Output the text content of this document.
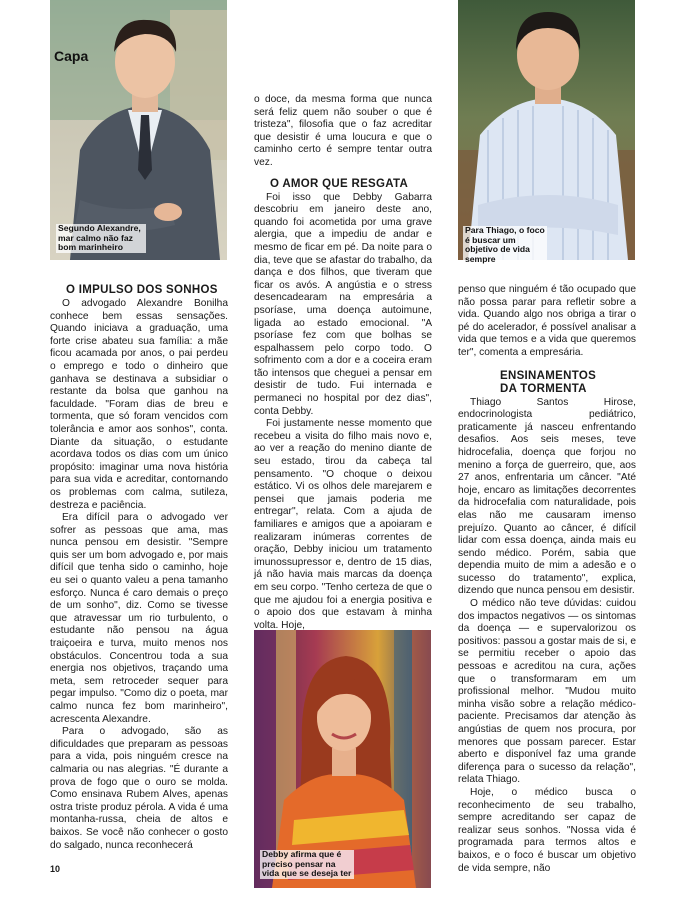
Capa
Segundo Alexandre, mar calmo não faz bom marinheiro
Para Thiago, o foco é buscar um objetivo de vida sempre
Debby afirma que é preciso pensar na vida que se deseja ter
O IMPULSO DOS SONHOS

O advogado Alexandre Bonilha conhece bem essas sensações. Quando iniciava a graduação, uma forte crise abateu sua família: a mãe ficou acamada por anos, o pai perdeu o emprego e todo o dinheiro que ganhava se destinava a subsidiar o restante da bolsa que ganhou na faculdade. "Foram dias de breu e tormenta, que só foram vencidos com tolerância e amor aos sonhos", conta. Diante da situação, o estudante acordava todos os dias com um único propósito: imaginar uma nova história para sua vida e acreditar, contornando os problemas com calma, sutileza, destreza e paciência.

Era difícil para o advogado ver sofrer as pessoas que ama, mas nunca pensou em desistir. "Sempre quis ser um bom advogado e, por mais difícil que tenha sido o caminho, hoje eu sei o quanto valeu a pena tamanho esforço. Nunca é caro demais o preço de um sonho", diz. Como se tivesse que atravessar um rio turbulento, o estudante não pensou na água traiçoeira e turva, muito menos nos obstáculos. Concentrou toda a sua energia nos objetivos, traçando uma meta, sem retroceder sequer para pegar impulso. "Como diz o poeta, mar calmo nunca fez bom marinheiro", acrescenta Alexandre.

Para o advogado, são as dificuldades que preparam as pessoas para a vida, pois ninguém cresce na calmaria ou nas alegrias. "É durante a prova de fogo que o ouro se molda. Como ensinava Rubem Alves, apenas ostra triste produz pérola. A vida é uma montanha-russa, cheia de altos e baixos. Se você não conhecer o gosto do salgado, nunca reconhecerá

o doce, da mesma forma que nunca será feliz quem não souber o que é tristeza", filosofia que o faz acreditar que desistir é uma loucura e que o caminho certo é sempre tentar outra vez.

O AMOR QUE RESGATA

Foi isso que Debby Gabarra descobriu em janeiro deste ano, quando foi acometida por uma grave alergia, que a impediu de andar e mesmo de ficar em pé. Da noite para o dia, teve que se afastar do trabalho, da dança e dos filhos, que tiveram que ficar os avós. A angústia e o stress desencadearam na empresária a psoríase, uma doença autoimune, ligada ao estado emocional. "A psoríase fez com que bolhas se espalhassem pelo corpo todo. O sofrimento com a dor e a coceira eram tão intensos que cheguei a pensar em desistir de tudo. Fui internada e permaneci no hospital por dez dias", conta Debby.

Foi justamente nesse momento que recebeu a visita do filho mais novo e, ao ver a reação do menino diante de seu estado, tirou da cabeça tal pensamento. "O choque o deixou estático. Vi os olhos dele marejarem e pensei que jamais poderia me entregar", relata. Com a ajuda de familiares e amigos que a apoiaram e realizaram inúmeras correntes de oração, Debby iniciou um tratamento imunossupressor e, dentro de 15 dias, já não havia mais marcas da doença em seu corpo. "Tenho certeza de que o que me ajudou foi a energia positiva e o apoio dos que estavam à minha volta. Hoje,

penso que ninguém é tão ocupado que não possa parar para refletir sobre a vida. Quando algo nos obriga a tirar o pé do acelerador, é possível analisar a vida que temos e a vida que queremos ter", comenta a empresária.

ENSINAMENTOS
DA TORMENTA

Thiago Santos Hirose, endocrinologista pediátrico, praticamente já nasceu enfrentando desafios. Aos seis meses, teve hidrocefalia, doença que forjou no menino a força de guerreiro, que, aos 27 anos, enfrentaria um câncer. "Até hoje, encaro as limitações decorrentes da hidrocefalia com naturalidade, pois elas não me causaram imenso prejuízo. Quanto ao câncer, é difícil lidar com essa doença, ainda mais eu sendo médico. Porém, sabia que dependia muito de mim a adesão e o sucesso do tratamento", explica, dizendo que nunca pensou em desistir.

O médico não teve dúvidas: cuidou dos impactos negativos — os sintomas da doença — e supervalorizou os positivos: passou a gostar mais de si, e se permitiu receber o apoio das pessoas e acreditou na cura, ações que o transformaram em um profissional melhor. "Mudou muito minha visão sobre a relação médico-paciente. Precisamos dar atenção às angústias de quem nos procura, por menores que possam parecer. Estar aberto e disponível faz uma grande diferença para o sucesso da relação", relata Thiago.

Hoje, o médico busca o reconhecimento de seu trabalho, sempre acreditando ser capaz de realizar seus sonhos. "Nossa vida é programada para termos altos e baixos, e o foco é buscar um objetivo de vida sempre, não

10
